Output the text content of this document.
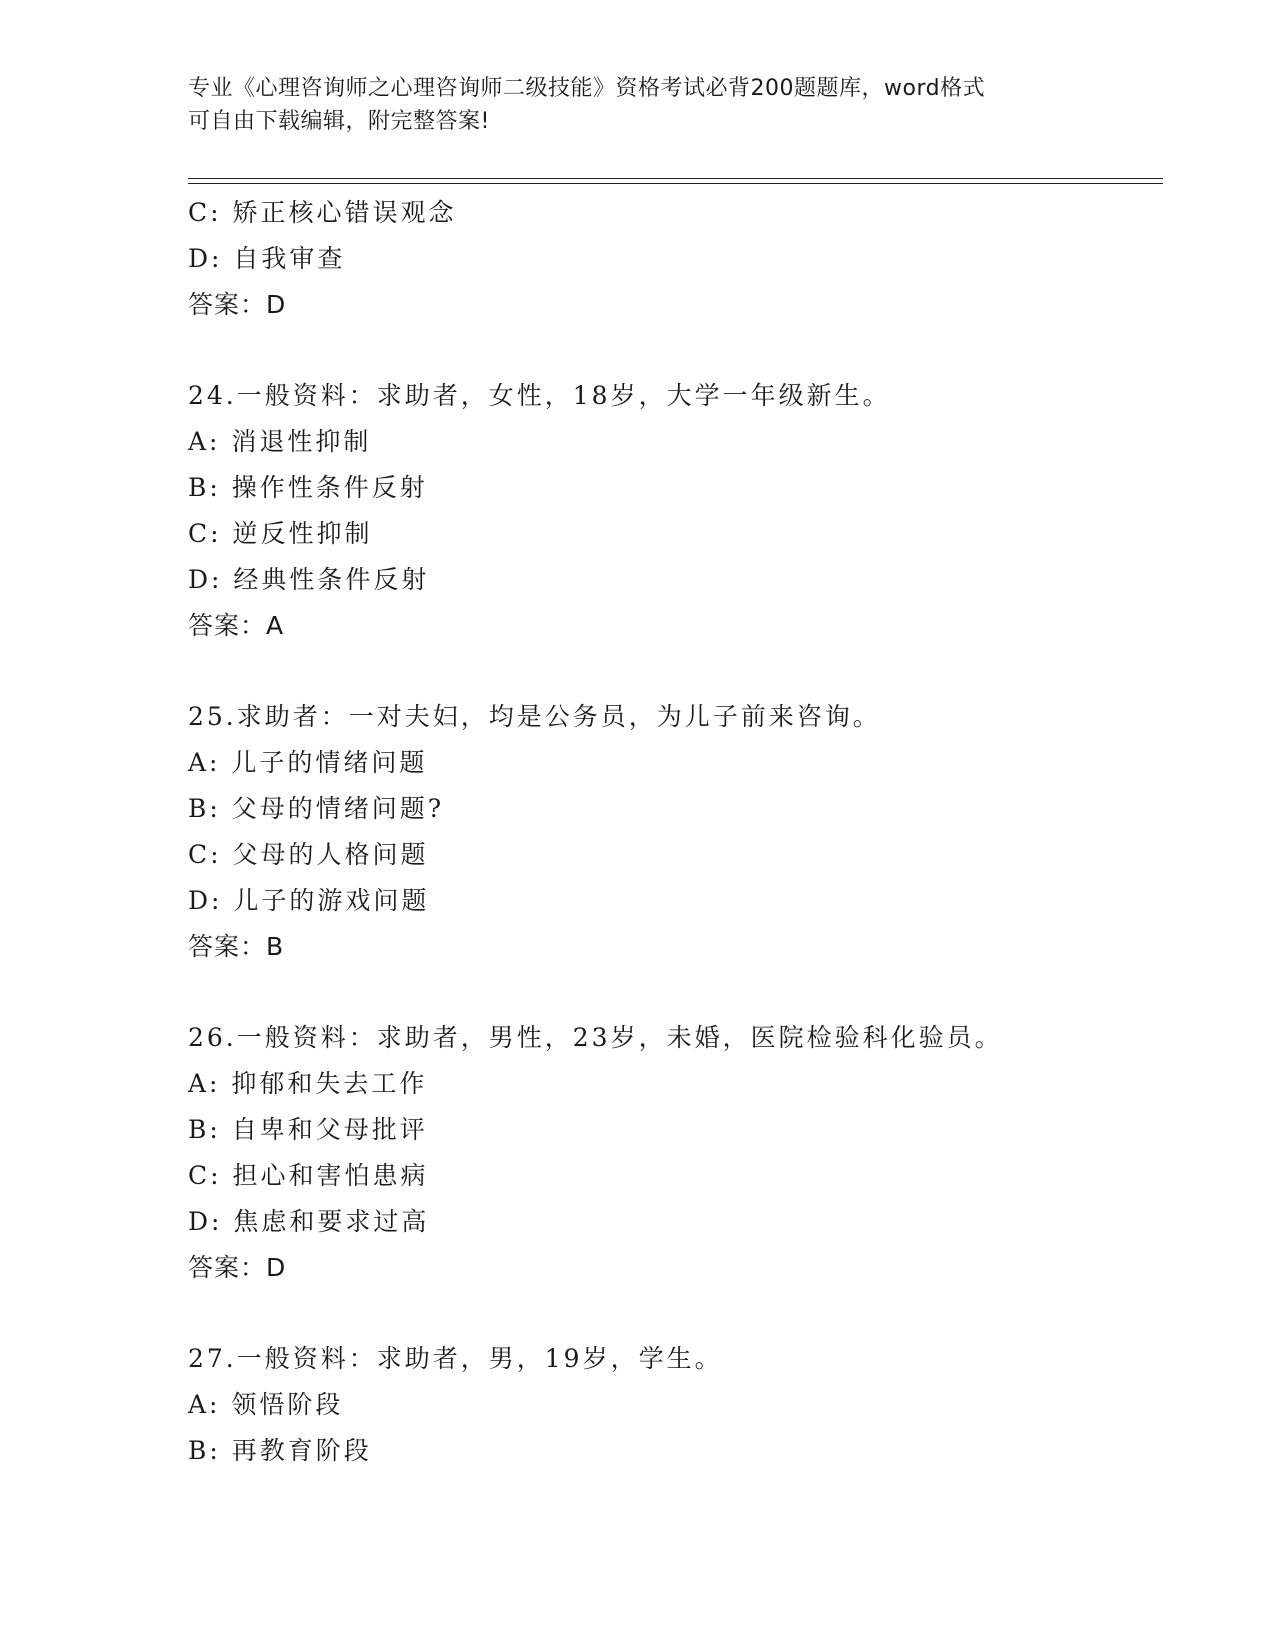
专业《心理咨询师之心理咨询师二级技能》资格考试必背200题题库，word格式
可自由下载编辑，附完整答案!
C: 矫正核心错误观念
D: 自我审查
答案：D
24.一般资料：求助者，女性，18岁，大学一年级新生。
A: 消退性抑制
B: 操作性条件反射
C: 逆反性抑制
D: 经典性条件反射
答案：A
25.求助者：一对夫妇，均是公务员，为儿子前来咨询。
A: 儿子的情绪问题
B: 父母的情绪问题?
C: 父母的人格问题
D: 儿子的游戏问题
答案：B
26.一般资料：求助者，男性，23岁，未婚，医院检验科化验员。
A: 抑郁和失去工作
B: 自卑和父母批评
C: 担心和害怕患病
D: 焦虑和要求过高
答案：D
27.一般资料：求助者，男，19岁，学生。
A: 领悟阶段
B: 再教育阶段
